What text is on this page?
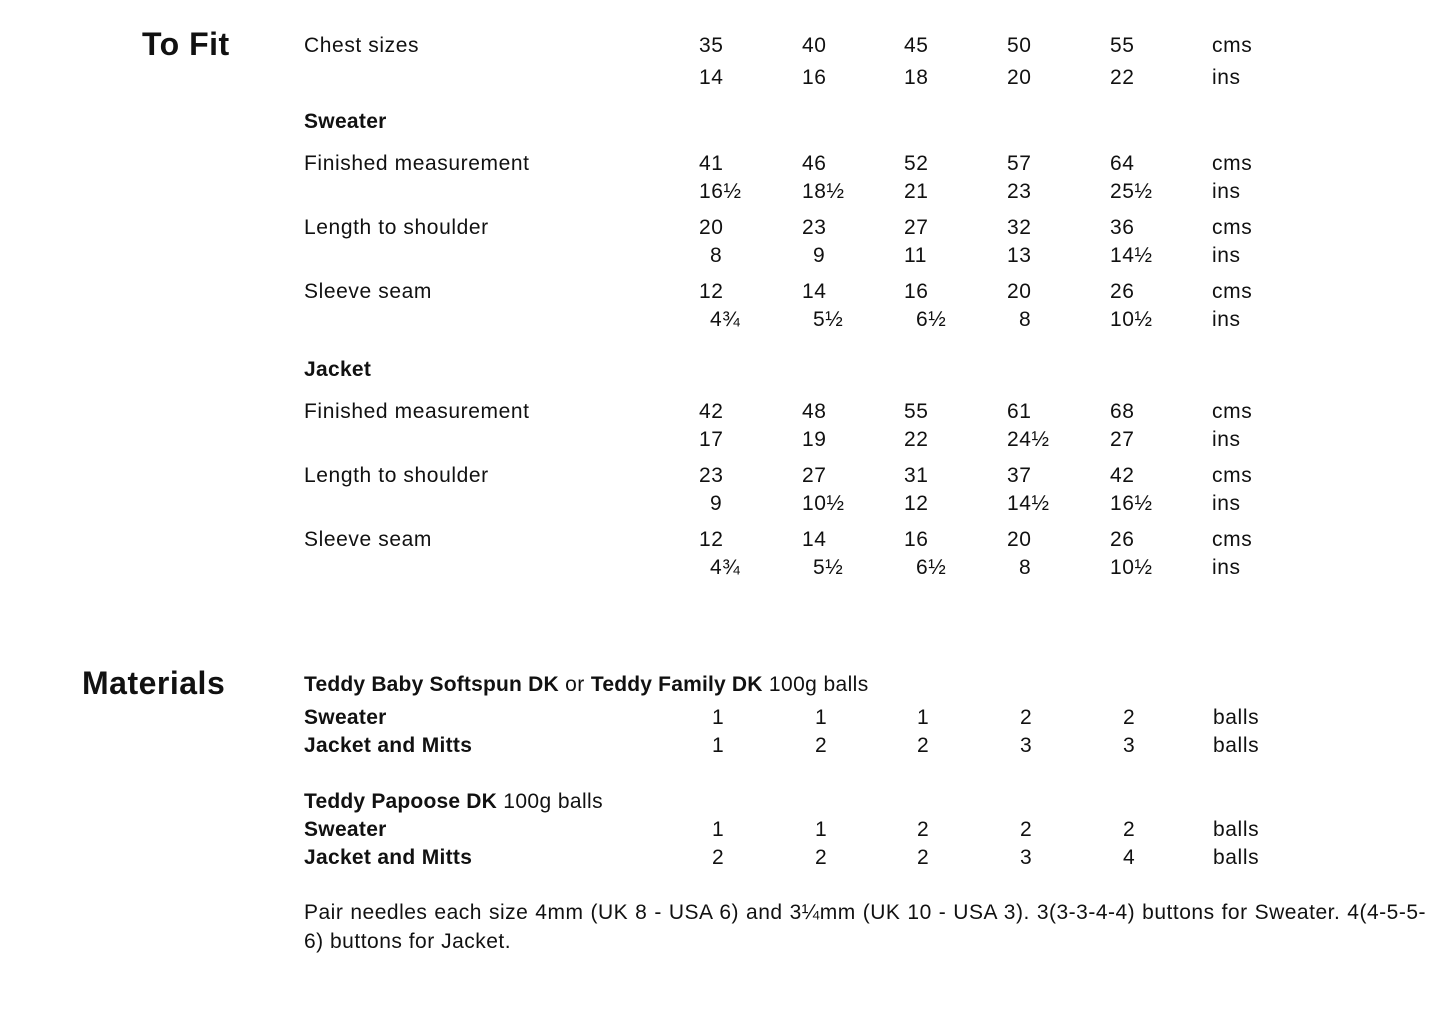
To Fit	Chest sizes	35	40	45	50	55	cms
14	16	18	20	22	ins
Sweater
Finished measurement	41	46	52	57	64	cms
16½	18½	21	23	25½	ins
Length to shoulder	20	23	27	32	36	cms
8	9	11	13	14½	ins
Sleeve seam	12	14	16	20	26	cms
4¾	5½	6½	8	10½	ins
Jacket
Finished measurement	42	48	55	61	68	cms
17	19	22	24½	27	ins
Length to shoulder	23	27	31	37	42	cms
9	10½	12	14½	16½	ins
Sleeve seam	12	14	16	20	26	cms
4¾	5½	6½	8	10½	ins
Materials	Teddy Baby Softspun DK or Teddy Family DK 100g balls
Sweater	1	1	1	2	2	balls
Jacket and Mitts	1	2	2	3	3	balls
Teddy Papoose DK 100g balls
Sweater	1	1	2	2	2	balls
Jacket and Mitts	2	2	2	3	4	balls
Pair needles each size 4mm (UK 8 - USA 6) and 3¼mm (UK 10 - USA 3). 3(3-3-4-4) buttons for Sweater. 4(4-5-5-6) buttons for Jacket.
